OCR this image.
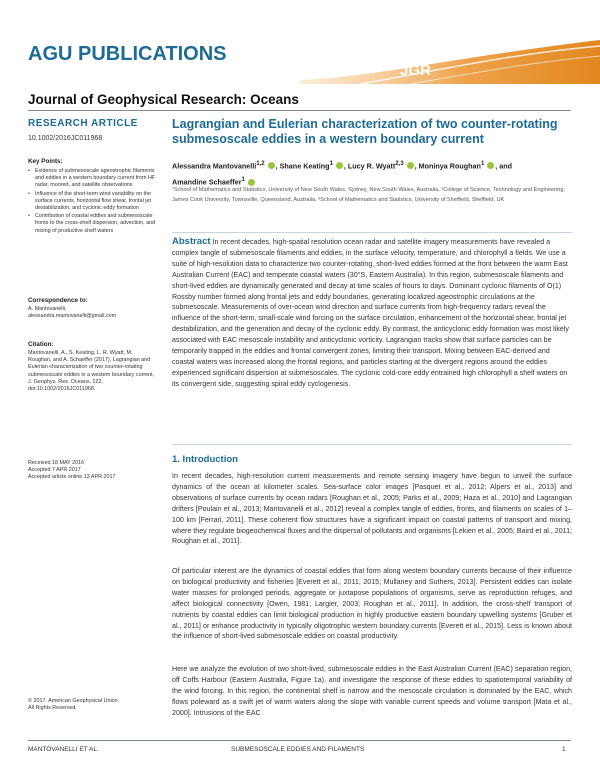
AGU PUBLICATIONS
JGR
Journal of Geophysical Research: Oceans
RESEARCH ARTICLE
10.1002/2016JC011968
Key Points:
• Evidence of submesoscale ageostrophic filaments and eddies in a western boundary current from HF radar, moored, and satellite observations
• Influence of the short-term wind variability on the surface currents, horizontal flow shear, frontal jet destabilization, and cyclonic eddy formation
• Contribution of coastal eddies and submesoscale fronts to the cross-shelf dispersion, advection, and mixing of productive shelf waters
Correspondence to:
A. Mantovanelli,
alessandra.mantovanelli@gmail.com
Citation:
Mantovanelli, A., S. Keating, L. R. Wyatt, M. Roughan, and A. Schaeffer (2017), Lagrangian and Eulerian characterization of two counter-rotating submesoscale eddies in a western boundary current, J. Geophys. Res. Oceans, 122, doi:10.1002/2016JC011968.
Received 18 MAY 2016
Accepted 7 APR 2017
Accepted article online 13 APR 2017
© 2017. American Geophysical Union.
All Rights Reserved.
Lagrangian and Eulerian characterization of two counter-rotating submesoscale eddies in a western boundary current
Alessandra Mantovanelli$^{1,2}$ , Shane Keating$^1$ , Lucy R. Wyatt$^{2,3}$ , Moninya Roughan$^1$ , and
Amandine Schaeffer$^1$
¹School of Mathematics and Statistics, University of New South Wales, Sydney, New South Wales, Australia, ²College of Science, Technology and Engineering, James Cook University, Townsville, Queensland, Australia, ³School of Mathematics and Statistics, University of Sheffield, Sheffield, UK

Abstract In recent decades, high-spatial resolution ocean radar and satellite imagery measurements have revealed a complex tangle of submesoscale filaments and eddies, in the surface velocity, temperature, and chlorophyll a fields. We use a suite of high-resolution data to characterize two counter-rotating, short-lived eddies formed at the front between the warm East Australian Current (EAC) and temperate coastal waters (30°S, Eastern Australia). In this region, submesoscale filaments and short-lived eddies are dynamically generated and decay at time scales of hours to days. Dominant cyclonic filaments of O(1) Rossby number formed along frontal jets and eddy boundaries, generating localized ageostrophic circulations at the submesoscale. Measurements of over-ocean wind direction and surface currents from high-frequency radars reveal the influence of the short-term, small-scale wind forcing on the surface circulation, enhancement of the horizontal shear, frontal jet destabilization, and the generation and decay of the cyclonic eddy. By contrast, the anticyclonic eddy formation was most likely associated with EAC mesoscale instability and anticyclonic vorticity. Lagrangian tracks show that surface particles can be temporarily trapped in the eddies and frontal convergent zones, limiting their transport. Mixing between EAC-derived and coastal waters was increased along the frontal regions, and particles starting at the divergent regions around the eddies experienced significant dispersion at submesoscales. The cyclonic cold-core eddy entrained high chlorophyll a shelf waters on its convergent side, suggesting spiral eddy cyclogenesis.

1. Introduction

In recent decades, high-resolution current measurements and remote sensing imagery have begun to unveil the surface dynamics of the ocean at kilometer scales. Sea-surface color images [Pasquet et al., 2012; Alpers et al., 2013] and observations of surface currents by ocean radars [Roughan et al., 2005; Parks et al., 2009; Haza et al., 2010] and Lagrangian drifters [Poulain et al., 2013; Mantovanelli et al., 2012] reveal a complex tangle of eddies, fronts, and filaments on scales of 1–100 km [Ferrari, 2011]. These coherent flow structures have a significant impact on coastal patterns of transport and mixing, where they regulate biogeochemical fluxes and the dispersal of pollutants and organisms [Lekien et al., 2005; Baird et al., 2011; Roughan et al., 2011].

Of particular interest are the dynamics of coastal eddies that form along western boundary currents because of their influence on biological productivity and fisheries [Everett et al., 2011, 2015; Mullaney and Suthers, 2013]. Persistent eddies can isolate water masses for prolonged periods, aggregate or juxtapose populations of organisms, serve as reproduction refuges, and affect biological connectivity [Owen, 1981; Largier, 2003; Roughan et al., 2011]. In addition, the cross-shelf transport of nutrients by coastal eddies can limit biological production in highly productive eastern boundary upwelling systems [Gruber et al., 2011] or enhance productivity in typically oligotrophic western boundary currents [Everett et al., 2015]. Less is known about the influence of short-lived submesoscale eddies on coastal productivity.

Here we analyze the evolution of two short-lived, submesoscale eddies in the East Australian Current (EAC) separation region, off Coffs Harbour (Eastern Australia, Figure 1a), and investigate the response of these eddies to spatiotemporal variability of the wind forcing. In this region, the continental shelf is narrow and the mesoscale circulation is dominated by the EAC, which flows poleward as a swift jet of warm waters along the slope with variable current speeds and volume transport [Mata et al., 2000]. Intrusions of the EAC

MANTOVANELLI ET AL.	SUBMESOSCALE EDDIES AND FILAMENTS	1
